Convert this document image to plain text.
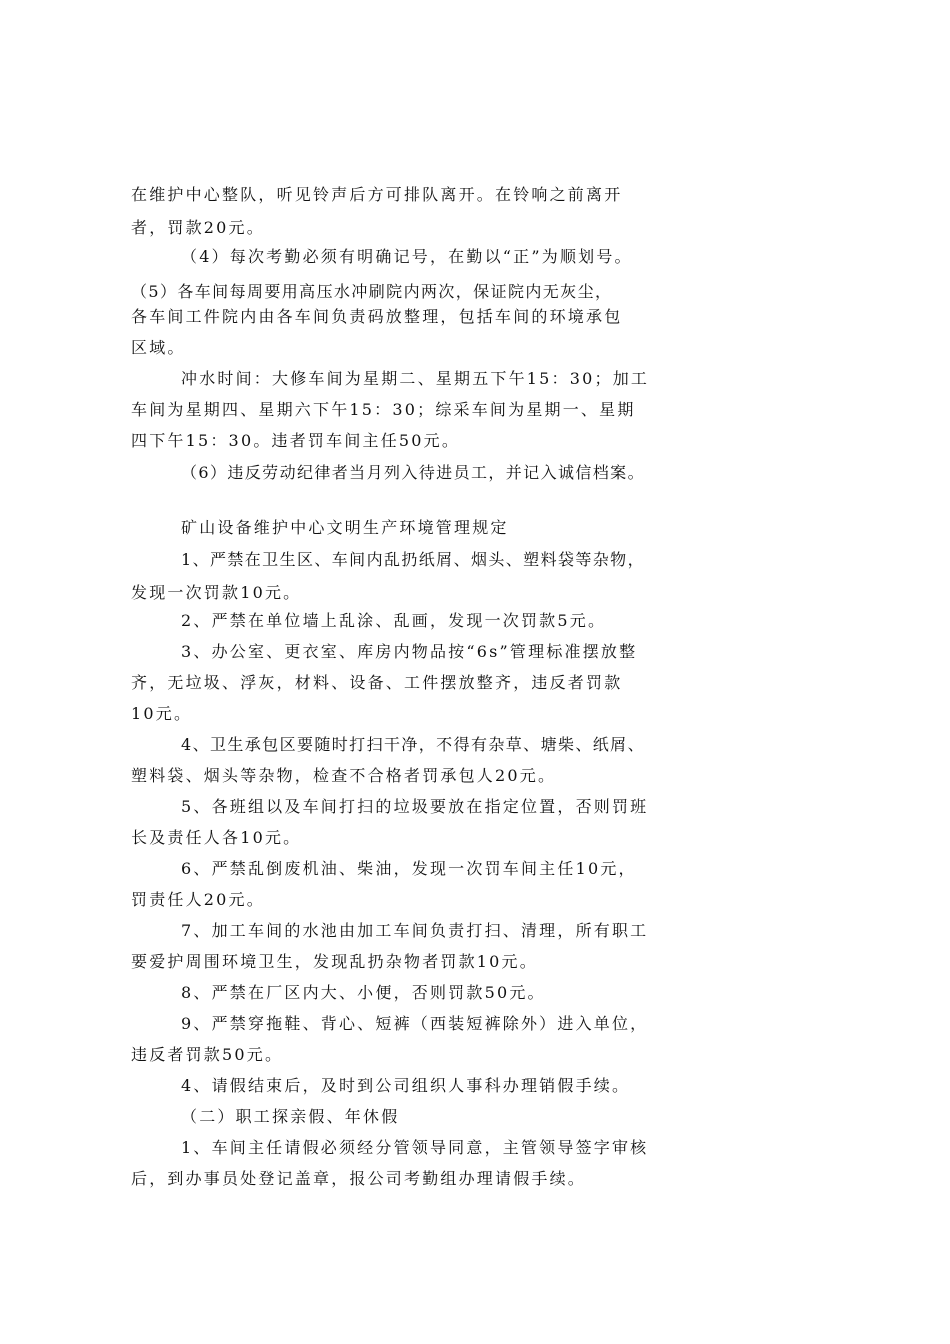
在维护中心整队，听见铃声后方可排队离开。在铃响之前离开
者，罚款20元。
（4）每次考勤必须有明确记号，在勤以“正”为顺划号。
（5）各车间每周要用高压水冲刷院内两次，保证院内无灰尘，
各车间工件院内由各车间负责码放整理，包括车间的环境承包
区域。
冲水时间：大修车间为星期二、星期五下午15：30；加工
车间为星期四、星期六下午15：30；综采车间为星期一、星期
四下午15：30。违者罚车间主任50元。
（6）违反劳动纪律者当月列入待进员工，并记入诚信档案。
矿山设备维护中心文明生产环境管理规定
1、严禁在卫生区、车间内乱扔纸屑、烟头、塑料袋等杂物，
发现一次罚款10元。
2、严禁在单位墙上乱涂、乱画，发现一次罚款5元。
3、办公室、更衣室、库房内物品按“6s”管理标准摆放整
齐，无垃圾、浮灰，材料、设备、工件摆放整齐，违反者罚款
10元。
4、卫生承包区要随时打扫干净，不得有杂草、塘柴、纸屑、
塑料袋、烟头等杂物，检查不合格者罚承包人20元。
5、各班组以及车间打扫的垃圾要放在指定位置，否则罚班
长及责任人各10元。
6、严禁乱倒废机油、柴油，发现一次罚车间主任10元，
罚责任人20元。
7、加工车间的水池由加工车间负责打扫、清理，所有职工
要爱护周围环境卫生，发现乱扔杂物者罚款10元。
8、严禁在厂区内大、小便，否则罚款50元。
9、严禁穿拖鞋、背心、短裤（西装短裤除外）进入单位，
违反者罚款50元。
4、请假结束后，及时到公司组织人事科办理销假手续。
（二）职工探亲假、年休假
1、车间主任请假必须经分管领导同意，主管领导签字审核
后，到办事员处登记盖章，报公司考勤组办理请假手续。
